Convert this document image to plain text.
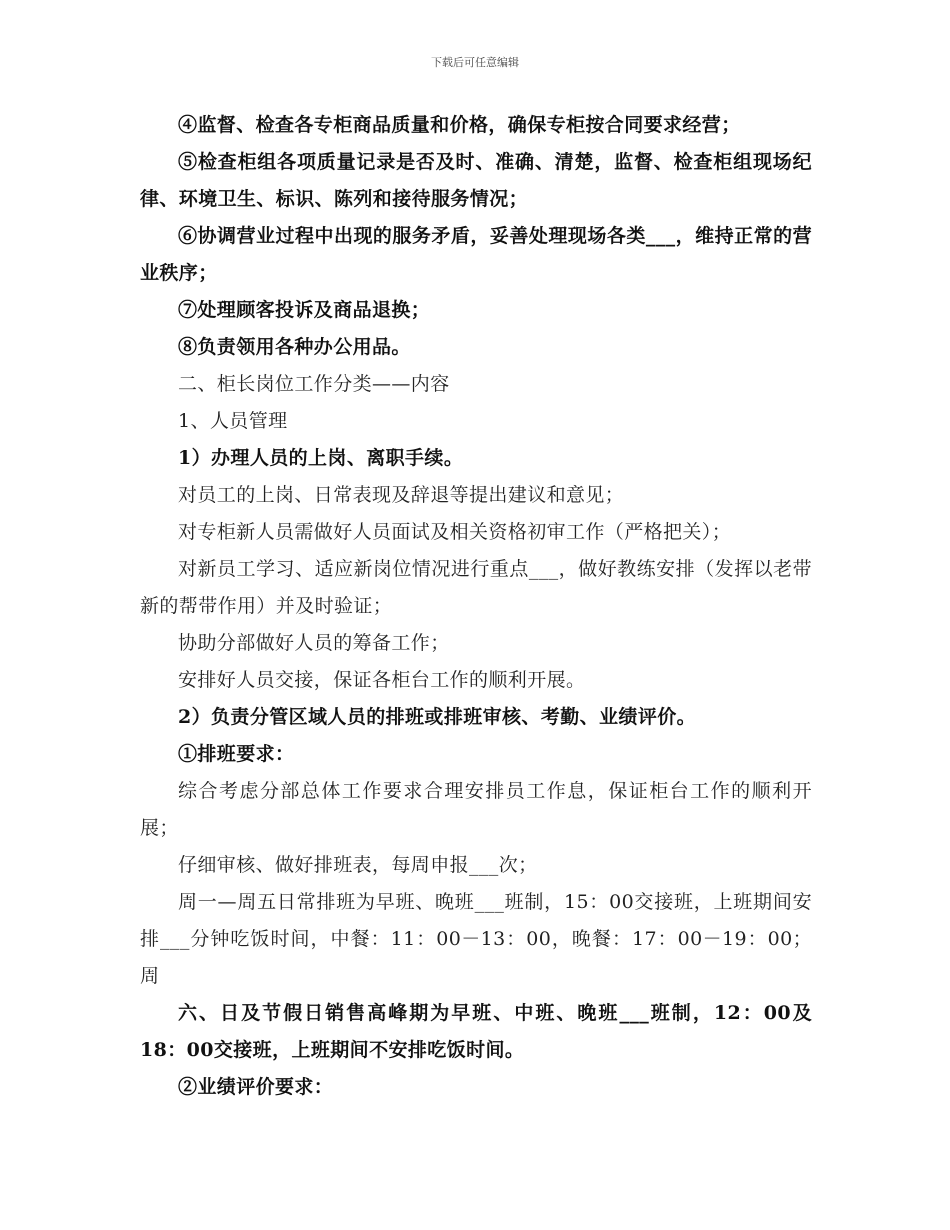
下载后可任意编辑

④监督、检查各专柜商品质量和价格，确保专柜按合同要求经营；

⑤检查柜组各项质量记录是否及时、准确、清楚，监督、检查柜组现场纪律、环境卫生、标识、陈列和接待服务情况；

⑥协调营业过程中出现的服务矛盾，妥善处理现场各类___，维持正常的营业秩序；

⑦处理顾客投诉及商品退换；

⑧负责领用各种办公用品。

二、柜长岗位工作分类——内容

1、人员管理

1）办理人员的上岗、离职手续。

对员工的上岗、日常表现及辞退等提出建议和意见；

对专柜新人员需做好人员面试及相关资格初审工作（严格把关）；

对新员工学习、适应新岗位情况进行重点___，做好教练安排（发挥以老带新的帮带作用）并及时验证；

协助分部做好人员的筹备工作；

安排好人员交接，保证各柜台工作的顺利开展。

2）负责分管区域人员的排班或排班审核、考勤、业绩评价。

①排班要求：

综合考虑分部总体工作要求合理安排员工作息，保证柜台工作的顺利开展；

仔细审核、做好排班表，每周申报___次；

周一—周五日常排班为早班、晚班___班制，15：00交接班，上班期间安排___分钟吃饭时间，中餐：11：00－13：00，晚餐：17：00－19：00；周

六、日及节假日销售高峰期为早班、中班、晚班___班制，12：00及18：00交接班，上班期间不安排吃饭时间。

②业绩评价要求：
